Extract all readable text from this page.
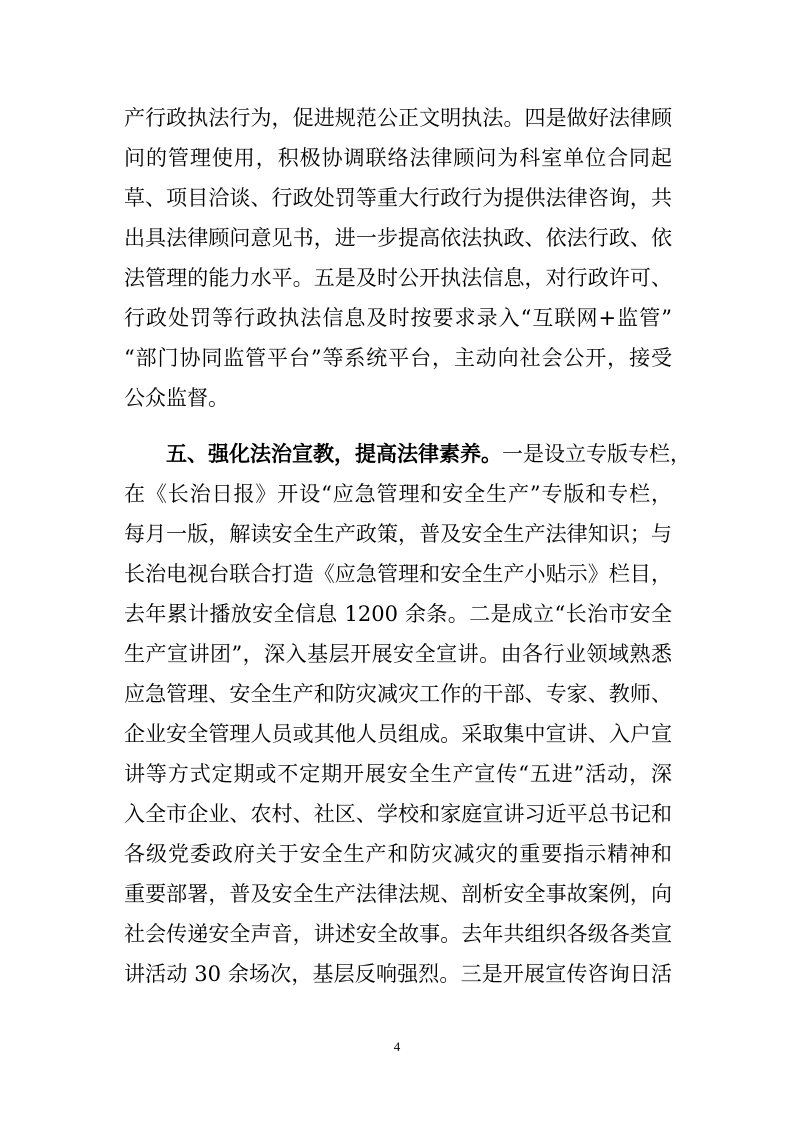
产行政执法行为，促进规范公正文明执法。四是做好法律顾
问的管理使用，积极协调联络法律顾问为科室单位合同起
草、项目洽谈、行政处罚等重大行政行为提供法律咨询，共
出具法律顾问意见书，进一步提高依法执政、依法行政、依
法管理的能力水平。五是及时公开执法信息，对行政许可、
行政处罚等行政执法信息及时按要求录入“互联网+监管”
“部门协同监管平台”等系统平台，主动向社会公开，接受
公众监督。
五、强化法治宣教，提高法律素养。一是设立专版专栏，
在《长治日报》开设“应急管理和安全生产”专版和专栏，
每月一版，解读安全生产政策，普及安全生产法律知识；与
长治电视台联合打造《应急管理和安全生产小贴示》栏目，
去年累计播放安全信息 1200 余条。二是成立“长治市安全
生产宣讲团”，深入基层开展安全宣讲。由各行业领域熟悉
应急管理、安全生产和防灾减灾工作的干部、专家、教师、
企业安全管理人员或其他人员组成。采取集中宣讲、入户宣
讲等方式定期或不定期开展安全生产宣传“五进”活动，深
入全市企业、农村、社区、学校和家庭宣讲习近平总书记和
各级党委政府关于安全生产和防灾减灾的重要指示精神和
重要部署，普及安全生产法律法规、剖析安全事故案例，向
社会传递安全声音，讲述安全故事。去年共组织各级各类宣
讲活动 30 余场次，基层反响强烈。三是开展宣传咨询日活
4
